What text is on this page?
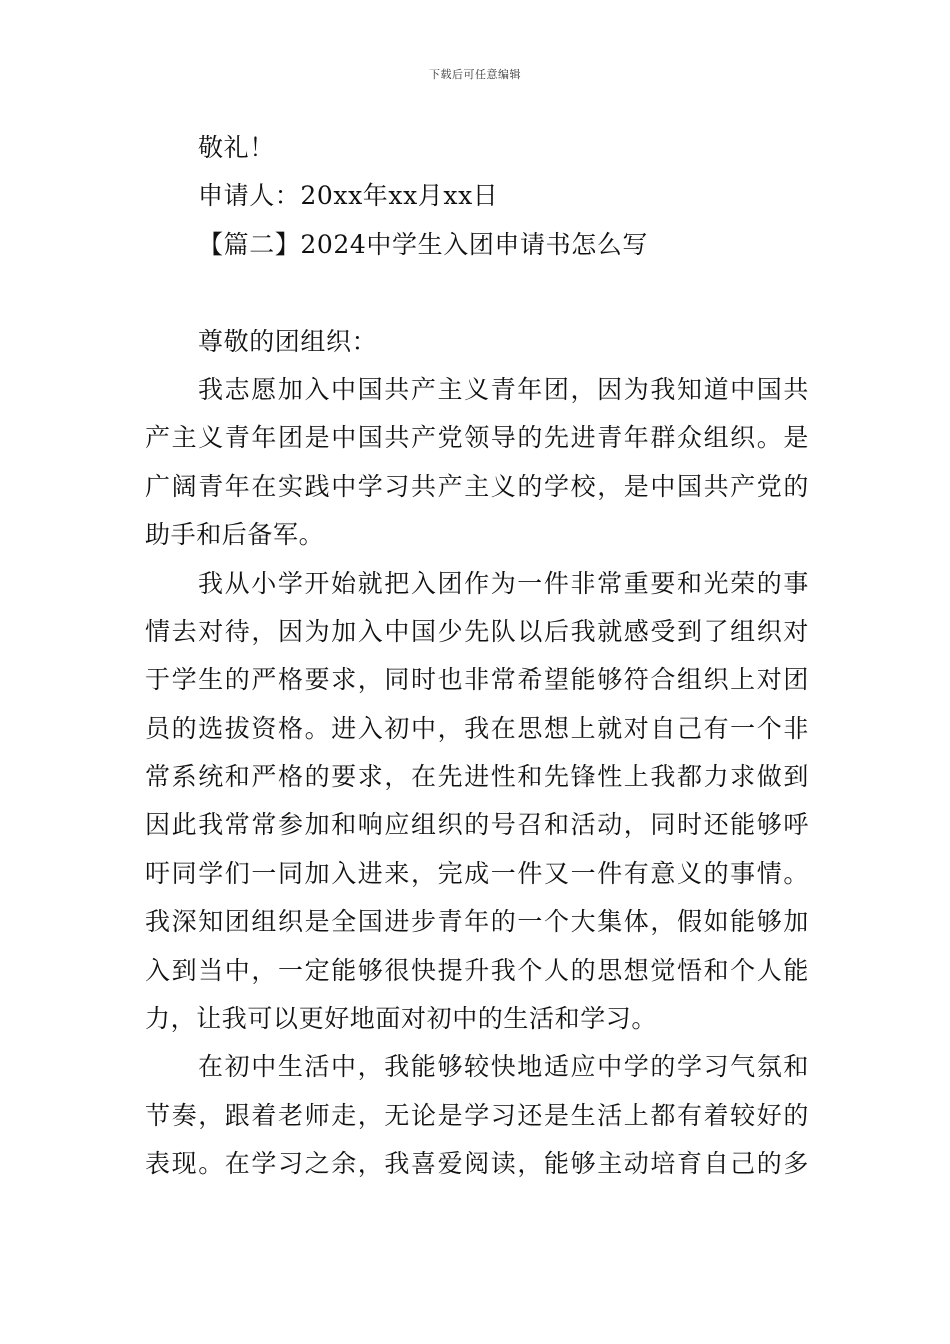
下载后可任意编辑
敬礼！
申请人：20xx年xx月xx日
【篇二】2024中学生入团申请书怎么写
尊敬的团组织：
我志愿加入中国共产主义青年团，因为我知道中国共
产主义青年团是中国共产党领导的先进青年群众组织。是
广阔青年在实践中学习共产主义的学校，是中国共产党的
助手和后备军。
我从小学开始就把入团作为一件非常重要和光荣的事
情去对待，因为加入中国少先队以后我就感受到了组织对
于学生的严格要求，同时也非常希望能够符合组织上对团
员的选拔资格。进入初中，我在思想上就对自己有一个非
常系统和严格的要求，在先进性和先锋性上我都力求做到
因此我常常参加和响应组织的号召和活动，同时还能够呼
吁同学们一同加入进来，完成一件又一件有意义的事情。
我深知团组织是全国进步青年的一个大集体，假如能够加
入到当中，一定能够很快提升我个人的思想觉悟和个人能
力，让我可以更好地面对初中的生活和学习。
在初中生活中，我能够较快地适应中学的学习气氛和
节奏，跟着老师走，无论是学习还是生活上都有着较好的
表现。在学习之余，我喜爱阅读，能够主动培育自己的多
